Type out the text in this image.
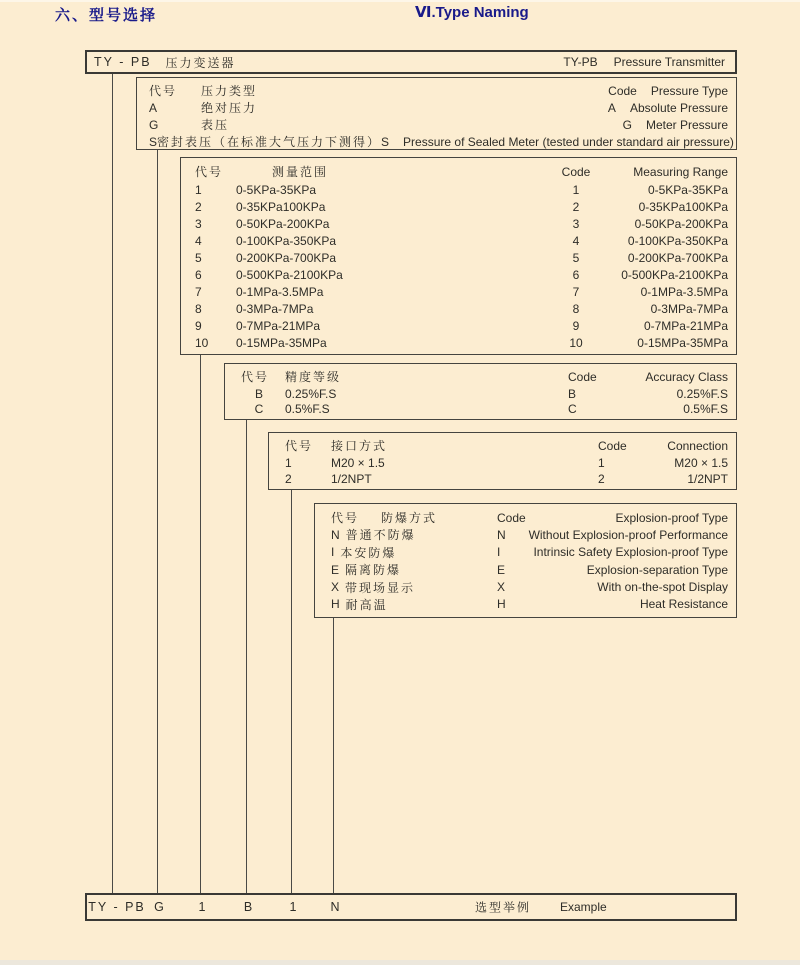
六、型号选择	Ⅵ.Type Naming
TY - PB 压力变送器	TY-PB Pressure Transmitter
代号	压力类型	Code Pressure Type
A	绝对压力	A Absolute Pressure
G	表压	G Meter Pressure
S 密封表压（在标准大气压力下测得） S Pressure of Sealed Meter (tested under standard air pressure)
代号	测量范围	Code	Measuring Range
1	0-5KPa-35KPa	1	0-5KPa-35KPa
2	0-35KPa100KPa	2	0-35KPa100KPa
3	0-50KPa-200KPa	3	0-50KPa-200KPa
4	0-100KPa-350KPa	4	0-100KPa-350KPa
5	0-200KPa-700KPa	5	0-200KPa-700KPa
6	0-500KPa-2100KPa	6	0-500KPa-2100KPa
7	0-1MPa-3.5MPa	7	0-1MPa-3.5MPa
8	0-3MPa-7MPa	8	0-3MPa-7MPa
9	0-7MPa-21MPa	9	0-7MPa-21MPa
10	0-15MPa-35MPa	10	0-15MPa-35MPa
代号	精度等级	Code	Accuracy Class
B	0.25%F.S	B	0.25%F.S
C	0.5%F.S	C	0.5%F.S
代号	接口方式	Code	Connection
1	M20 × 1.5	1	M20 × 1.5
2	1/2NPT	2	1/2NPT
代号 防爆方式	Code	Explosion-proof Type
N 普通不防爆	N	Without Explosion-proof Performance
I 本安防爆	I	Intrinsic Safety Explosion-proof Type
E 隔离防爆	E	Explosion-separation Type
X 带现场显示	X	With on-the-spot Display
H 耐高温	H	Heat Resistance
TY - PB G	1	B	1	N	选型举例 Example
